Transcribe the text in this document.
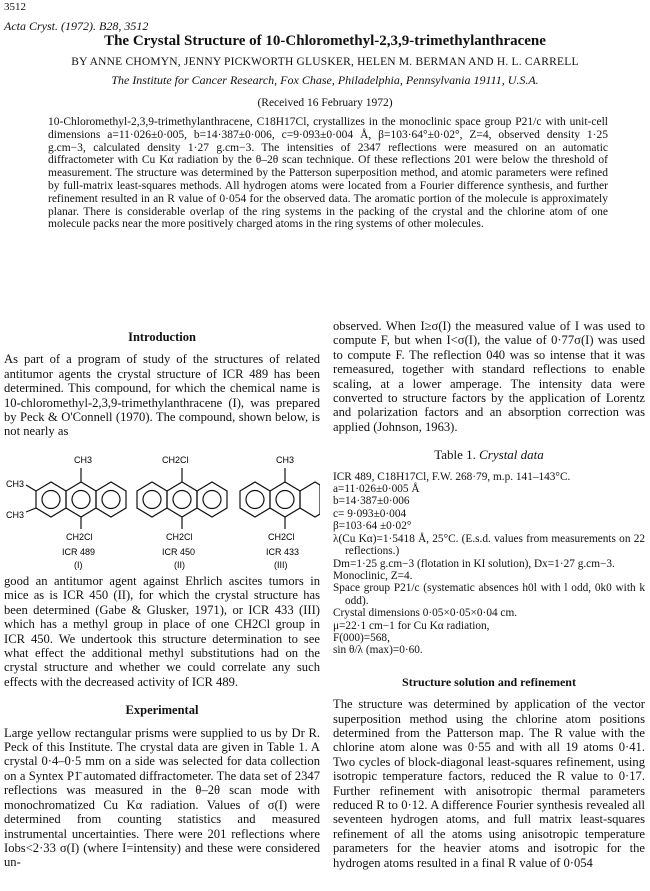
3512
Acta Cryst. (1972). B28, 3512
The Crystal Structure of 10-Chloromethyl-2,3,9-trimethylanthracene
BY ANNE CHOMYN, JENNY PICKWORTH GLUSKER, HELEN M. BERMAN AND H. L. CARRELL
The Institute for Cancer Research, Fox Chase, Philadelphia, Pennsylvania 19111, U.S.A.
(Received 16 February 1972)
10-Chloromethyl-2,3,9-trimethylanthracene, C18H17Cl, crystallizes in the monoclinic space group P21/c with unit-cell dimensions a=11·026±0·005, b=14·387±0·006, c=9·093±0·004 Å, β=103·64°±0·02°, Z=4, observed density 1·25 g.cm−3, calculated density 1·27 g.cm−3. The intensities of 2347 reflections were measured on an automatic diffractometer with Cu Kα radiation by the θ–2θ scan technique. Of these reflections 201 were below the threshold of measurement. The structure was determined by the Patterson superposition method, and atomic parameters were refined by full-matrix least-squares methods. All hydrogen atoms were located from a Fourier difference synthesis, and further refinement resulted in an R value of 0·054 for the observed data. The aromatic portion of the molecule is approximately planar. There is considerable overlap of the ring systems in the packing of the crystal and the chlorine atom of one molecule packs near the more positively charged atoms in the ring systems of other molecules.
Introduction
As part of a program of study of the structures of related antitumor agents the crystal structure of ICR 489 has been determined. This compound, for which the chemical name is 10-chloromethyl-2,3,9-trimethylanthracene (I), was prepared by Peck & O'Connell (1970). The compound, shown below, is not nearly as
CH3
CH3
CH3
CH2Cl
ICR 489
(I)
CH2Cl
CH2Cl
ICR 450
(II)
CH3
CH2Cl
ICR 433
(III)
good an antitumor agent against Ehrlich ascites tumors in mice as is ICR 450 (II), for which the crystal structure has been determined (Gabe & Glusker, 1971), or ICR 433 (III) which has a methyl group in place of one CH2Cl group in ICR 450. We undertook this structure determination to see what effect the additional methyl substitutions had on the crystal structure and whether we could correlate any such effects with the decreased activity of ICR 489.
Experimental
Large yellow rectangular prisms were supplied to us by Dr R. Peck of this Institute. The crystal data are given in Table 1. A crystal 0·4–0·5 mm on a side was selected for data collection on a Syntex P1̄ automated diffractometer. The data set of 2347 reflections was measured in the θ–2θ scan mode with monochromatized Cu Kα radiation. Values of σ(I) were determined from counting statistics and measured instrumental uncertainties. There were 201 reflections where Iobs<2·33 σ(I) (where I=intensity) and these were considered un-
observed. When I≥σ(I) the measured value of I was used to compute F, but when I<σ(I), the value of 0·77σ(I) was used to compute F. The reflection 040 was so intense that it was remeasured, together with standard reflections to enable scaling, at a lower amperage. The intensity data were converted to structure factors by the application of Lorentz and polarization factors and an absorption correction was applied (Johnson, 1963).
Table 1. Crystal data
ICR 489, C18H17Cl, F.W. 268·79, m.p. 141–143°C.
a=11·026±0·005 Å
b=14·387±0·006
c= 9·093±0·004
β=103·64 ±0·02°
λ(Cu Kα)=1·5418 Å, 25°C. (E.s.d. values from measurements on 22 reflections.)
Dm=1·25 g.cm−3 (flotation in KI solution), Dx=1·27 g.cm−3.
Monoclinic, Z=4.
Space group P21/c (systematic absences h0l with l odd, 0k0 with k odd).
Crystal dimensions 0·05×0·05×0·04 cm.
μ=22·1 cm−1 for Cu Kα radiation,
F(000)=568,
sin θ/λ (max)=0·60.
Structure solution and refinement
The structure was determined by application of the vector superposition method using the chlorine atom positions determined from the Patterson map. The R value with the chlorine atom alone was 0·55 and with all 19 atoms 0·41. Two cycles of block-diagonal least-squares refinement, using isotropic temperature factors, reduced the R value to 0·17. Further refinement with anisotropic thermal parameters reduced R to 0·12. A difference Fourier synthesis revealed all seventeen hydrogen atoms, and full matrix least-squares refinement of all the atoms using anisotropic temperature parameters for the heavier atoms and isotropic for the hydrogen atoms resulted in a final R value of 0·054
